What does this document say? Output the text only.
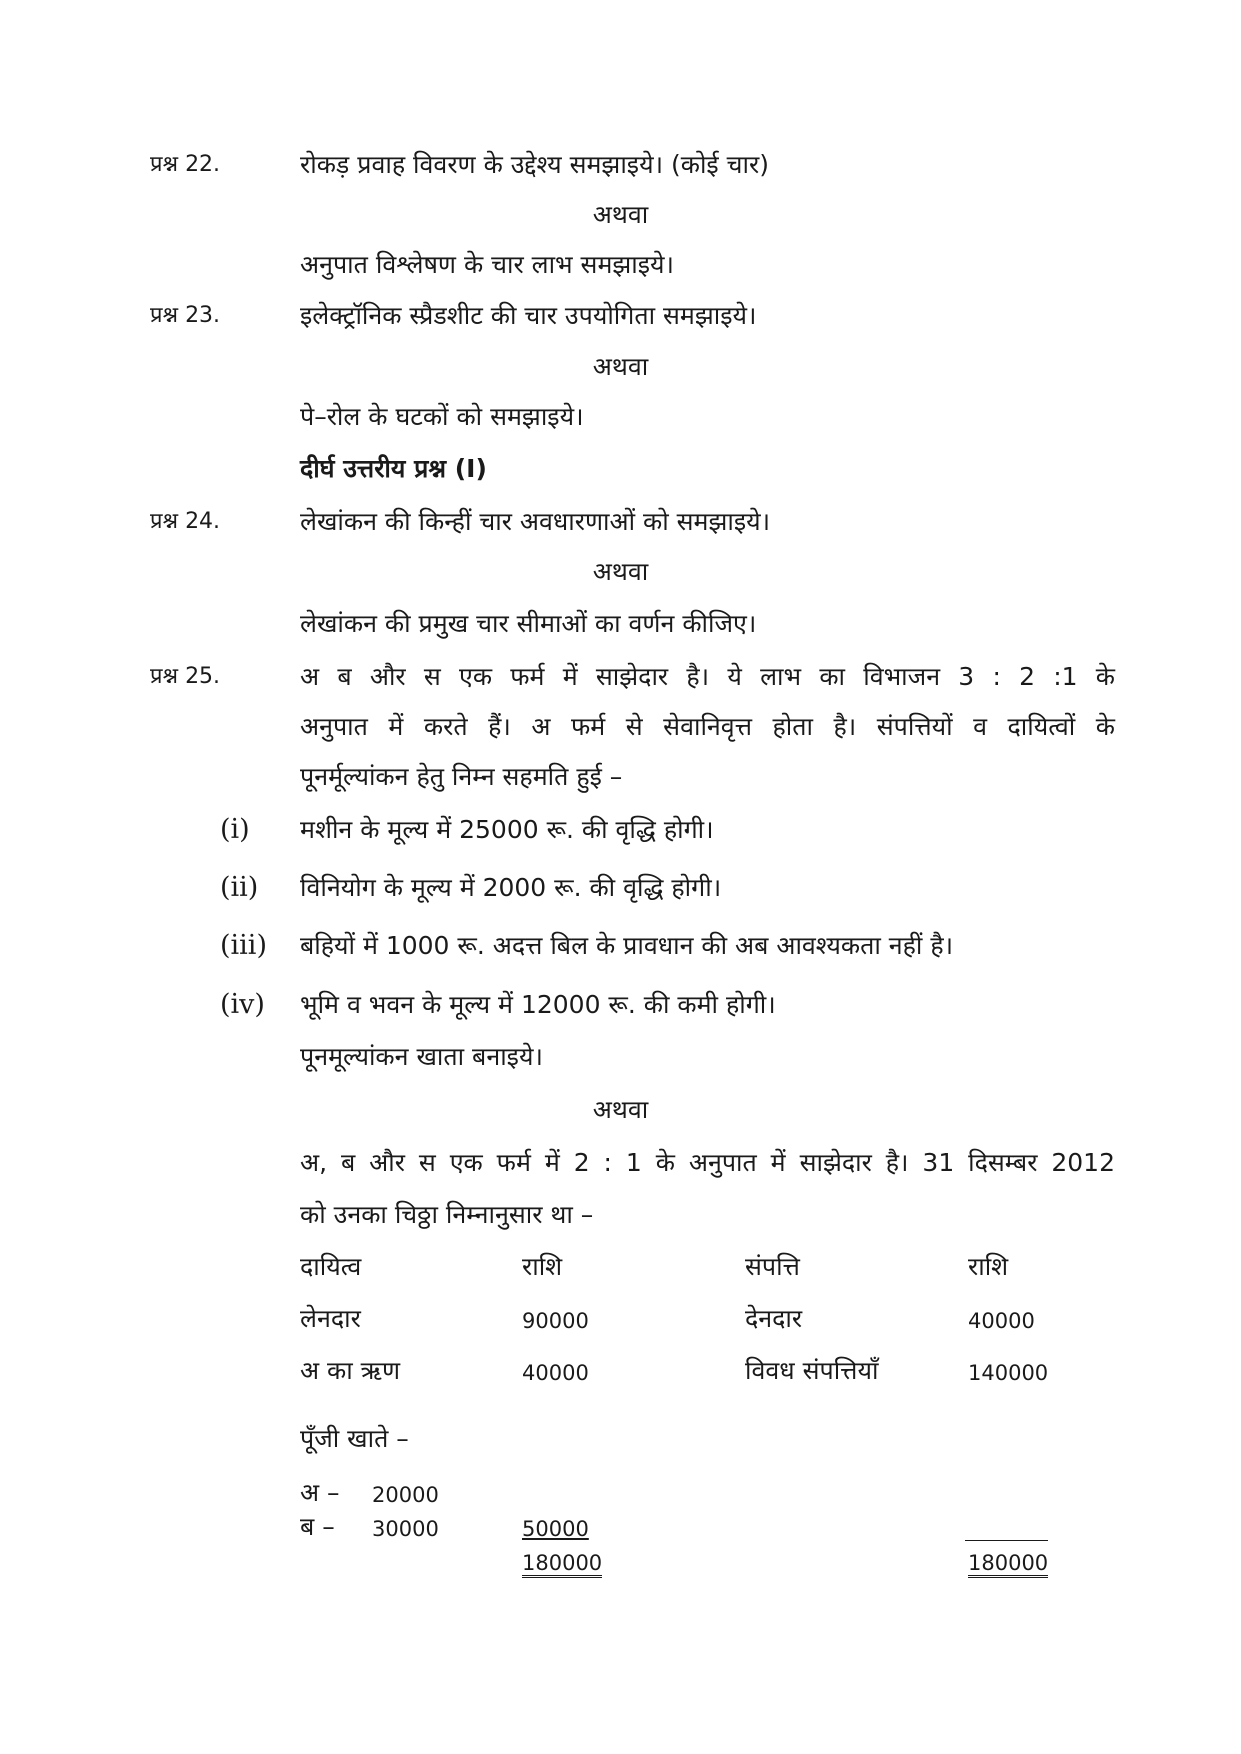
प्रश्न 22.	रोकड़ प्रवाह विवरण के उद्देश्य समझाइये। (कोई चार)
अथवा
अनुपात विश्लेषण के चार लाभ समझाइये।
प्रश्न 23.	इलेक्ट्रॉनिक स्प्रैडशीट की चार उपयोगिता समझाइये।
अथवा
पे–रोल के घटकों को समझाइये।
दीर्घ उत्तरीय प्रश्न (I)
प्रश्न 24.	लेखांकन की किन्हीं चार अवधारणाओं को समझाइये।
अथवा
लेखांकन की प्रमुख चार सीमाओं का वर्णन कीजिए।
प्रश्न 25.	अ ब और स एक फर्म में साझेदार है। ये लाभ का विभाजन 3 : 2 :1 के
अनुपात में करते हैं। अ फर्म से सेवानिवृत्त होता है। संपत्तियों व दायित्वों के
पूनर्मूल्यांकन हेतु निम्न सहमति हुई –
(i) मशीन के मूल्य में 25000 रू. की वृद्धि होगी।
(ii) विनियोग के मूल्य में 2000 रू. की वृद्धि होगी।
(iii) बहियों में 1000 रू. अदत्त बिल के प्रावधान की अब आवश्यकता नहीं है।
(iv) भूमि व भवन के मूल्य में 12000 रू. की कमी होगी।
पूनमूल्यांकन खाता बनाइये।
अथवा
अ, ब और स एक फर्म में 2 : 1 के अनुपात में साझेदार है। 31 दिसम्बर 2012
को उनका चिठ्ठा निम्नानुसार था –
दायित्व	राशि	संपत्ति	राशि
लेनदार	90000	देनदार	40000
अ का ऋण	40000	विवध संपत्तियाँ	140000
पूँजी खाते –
अ – 20000
ब – 30000	50000
180000	180000
